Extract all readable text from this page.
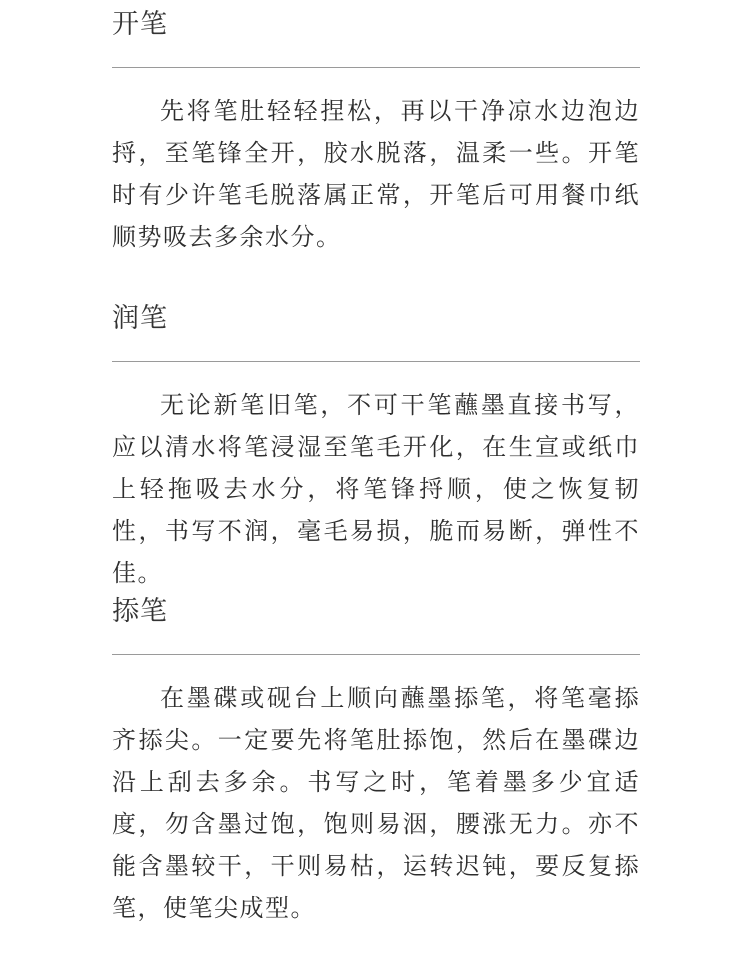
开笔

先将笔肚轻轻捏松，再以干净凉水边泡边捋，至笔锋全开，胶水脱落，温柔一些。开笔时有少许笔毛脱落属正常，开笔后可用餐巾纸顺势吸去多余水分。

润笔

无论新笔旧笔，不可干笔蘸墨直接书写，应以清水将笔浸湿至笔毛开化，在生宣或纸巾上轻拖吸去水分，将笔锋捋顺，使之恢复韧性，书写不润，毫毛易损，脆而易断，弹性不佳。

掭笔

在墨碟或砚台上顺向蘸墨掭笔，将笔毫掭齐掭尖。一定要先将笔肚掭饱，然后在墨碟边沿上刮去多余。书写之时，笔着墨多少宜适度，勿含墨过饱，饱则易洇，腰涨无力。亦不能含墨较干，干则易枯，运转迟钝，要反复掭笔，使笔尖成型。
